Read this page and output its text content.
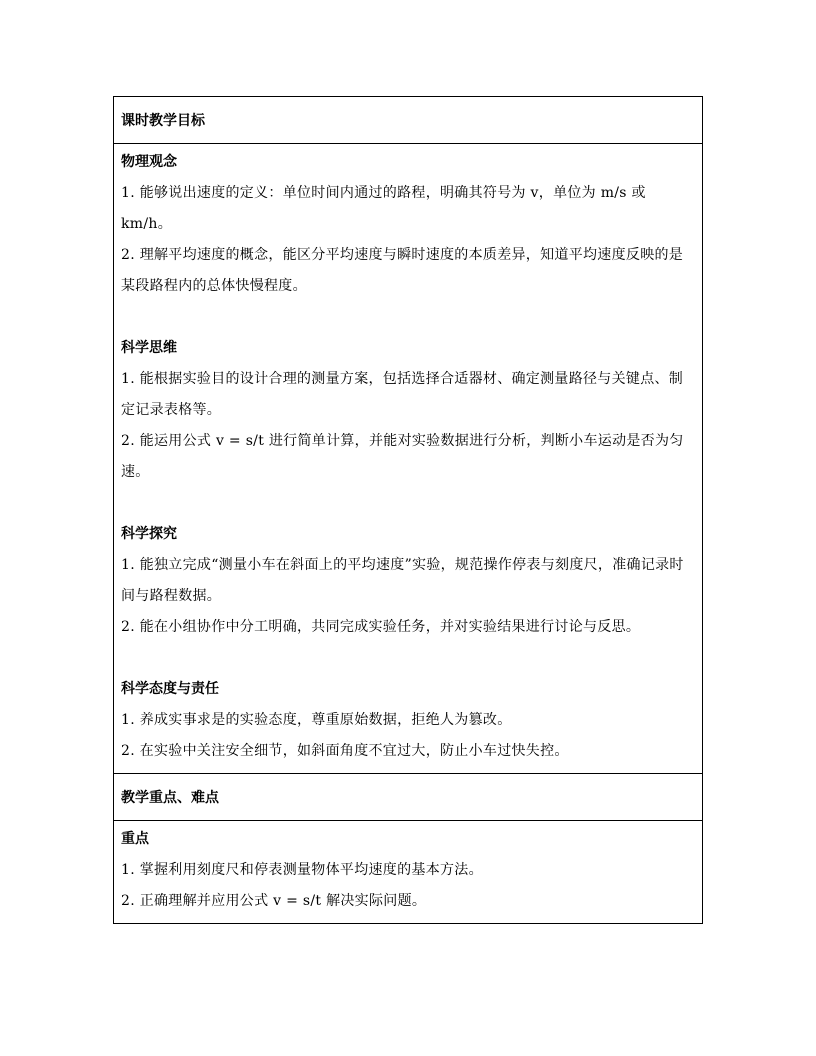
课时教学目标
物理观念
1. 能够说出速度的定义：单位时间内通过的路程，明确其符号为 v，单位为 m/s 或 km/h。
2. 理解平均速度的概念，能区分平均速度与瞬时速度的本质差异，知道平均速度反映的是某段路程内的总体快慢程度。
科学思维
1. 能根据实验目的设计合理的测量方案，包括选择合适器材、确定测量路径与关键点、制定记录表格等。
2. 能运用公式 v = s/t 进行简单计算，并能对实验数据进行分析，判断小车运动是否为匀速。
科学探究
1. 能独立完成“测量小车在斜面上的平均速度”实验，规范操作停表与刻度尺，准确记录时间与路程数据。
2. 能在小组协作中分工明确，共同完成实验任务，并对实验结果进行讨论与反思。
科学态度与责任
1. 养成实事求是的实验态度，尊重原始数据，拒绝人为篡改。
2. 在实验中关注安全细节，如斜面角度不宜过大，防止小车过快失控。
教学重点、难点
重点
1. 掌握利用刻度尺和停表测量物体平均速度的基本方法。
2. 正确理解并应用公式 v = s/t 解决实际问题。
